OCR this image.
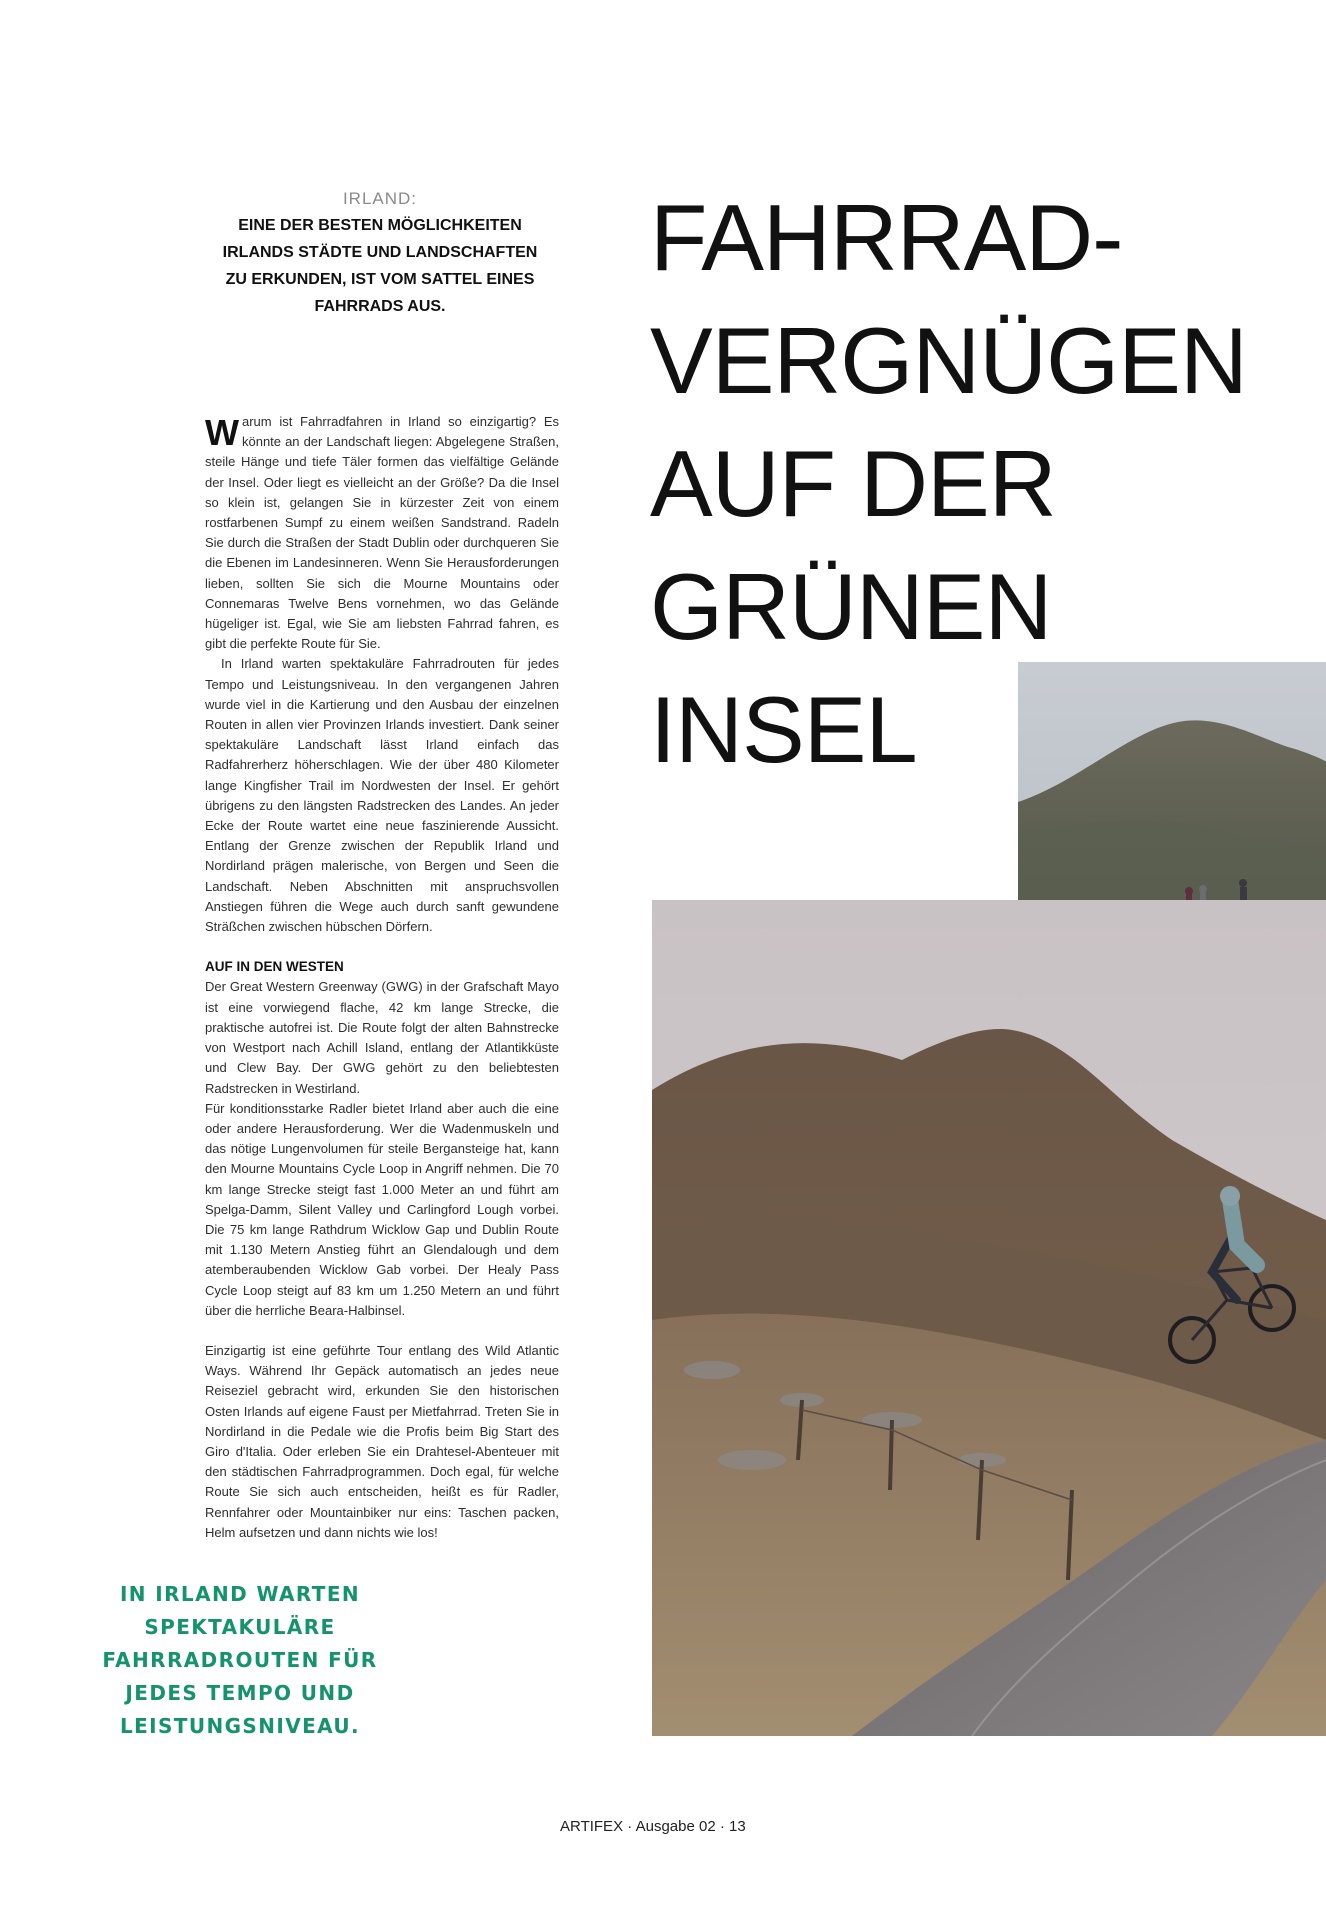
IRLAND:

EINE DER BESTEN MÖGLICHKEITEN
IRLANDS STÄDTE UND LANDSCHAFTEN
ZU ERKUNDEN, IST VOM SATTEL EINES
FAHRRADS AUS.

FAHRRAD-
VERGNÜGEN
AUF DER
GRÜNEN
INSEL

Warum ist Fahrradfahren in Irland so einzigartig? Es könnte an der Landschaft liegen: Abgelegene Straßen, steile Hänge und tiefe Täler formen das vielfältige Gelände der Insel. Oder liegt es vielleicht an der Größe? Da die Insel so klein ist, gelangen Sie in kürzester Zeit von einem rostfarbenen Sumpf zu einem weißen Sandstrand. Radeln Sie durch die Straßen der Stadt Dublin oder durchqueren Sie die Ebenen im Landesinneren. Wenn Sie Herausforderungen lieben, sollten Sie sich die Mourne Mountains oder Connemaras Twelve Bens vornehmen, wo das Gelände hügeliger ist. Egal, wie Sie am liebsten Fahrrad fahren, es gibt die perfekte Route für Sie.

In Irland warten spektakuläre Fahrradrouten für jedes Tempo und Leistungsniveau. In den vergangenen Jahren wurde viel in die Kartierung und den Ausbau der einzelnen Routen in allen vier Provinzen Irlands investiert. Dank seiner spektakuläre Landschaft lässt Irland einfach das Radfahrerherz höherschlagen. Wie der über 480 Kilometer lange Kingfisher Trail im Nordwesten der Insel. Er gehört übrigens zu den längsten Radstrecken des Landes. An jeder Ecke der Route wartet eine neue faszinierende Aussicht. Entlang der Grenze zwischen der Republik Irland und Nordirland prägen malerische, von Bergen und Seen die Landschaft. Neben Abschnitten mit anspruchsvollen Anstiegen führen die Wege auch durch sanft gewundene Sträßchen zwischen hübschen Dörfern.

AUF IN DEN WESTEN

Der Great Western Greenway (GWG) in der Grafschaft Mayo ist eine vorwiegend flache, 42 km lange Strecke, die praktische autofrei ist. Die Route folgt der alten Bahnstrecke von Westport nach Achill Island, entlang der Atlantikküste und Clew Bay. Der GWG gehört zu den beliebtesten Radstrecken in Westirland.

Für konditionsstarke Radler bietet Irland aber auch die eine oder andere Herausforderung. Wer die Wadenmuskeln und das nötige Lungenvolumen für steile Bergansteige hat, kann den Mourne Mountains Cycle Loop in Angriff nehmen. Die 70 km lange Strecke steigt fast 1.000 Meter an und führt am Spelga-Damm, Silent Valley und Carlingford Lough vorbei. Die 75 km lange Rathdrum Wicklow Gap und Dublin Route mit 1.130 Metern Anstieg führt an Glendalough und dem atemberaubenden Wicklow Gab vorbei. Der Healy Pass Cycle Loop steigt auf 83 km um 1.250 Metern an und führt über die herrliche Beara-Halbinsel.

Einzigartig ist eine geführte Tour entlang des Wild Atlantic Ways. Während Ihr Gepäck automatisch an jedes neue Reiseziel gebracht wird, erkunden Sie den historischen Osten Irlands auf eigene Faust per Mietfahrrad. Treten Sie in Nordirland in die Pedale wie die Profis beim Big Start des Giro d'Italia. Oder erleben Sie ein Drahtesel-Abenteuer mit den städtischen Fahrradprogrammen. Doch egal, für welche Route Sie sich auch entscheiden, heißt es für Radler, Rennfahrer oder Mountainbiker nur eins: Taschen packen, Helm aufsetzen und dann nichts wie los!

IN IRLAND WARTEN
SPEKTAKULÄRE
FAHRRADROUTEN FÜR
JEDES TEMPO UND
LEISTUNGSNIVEAU.
ARTIFEX · Ausgabe 02 · 13
